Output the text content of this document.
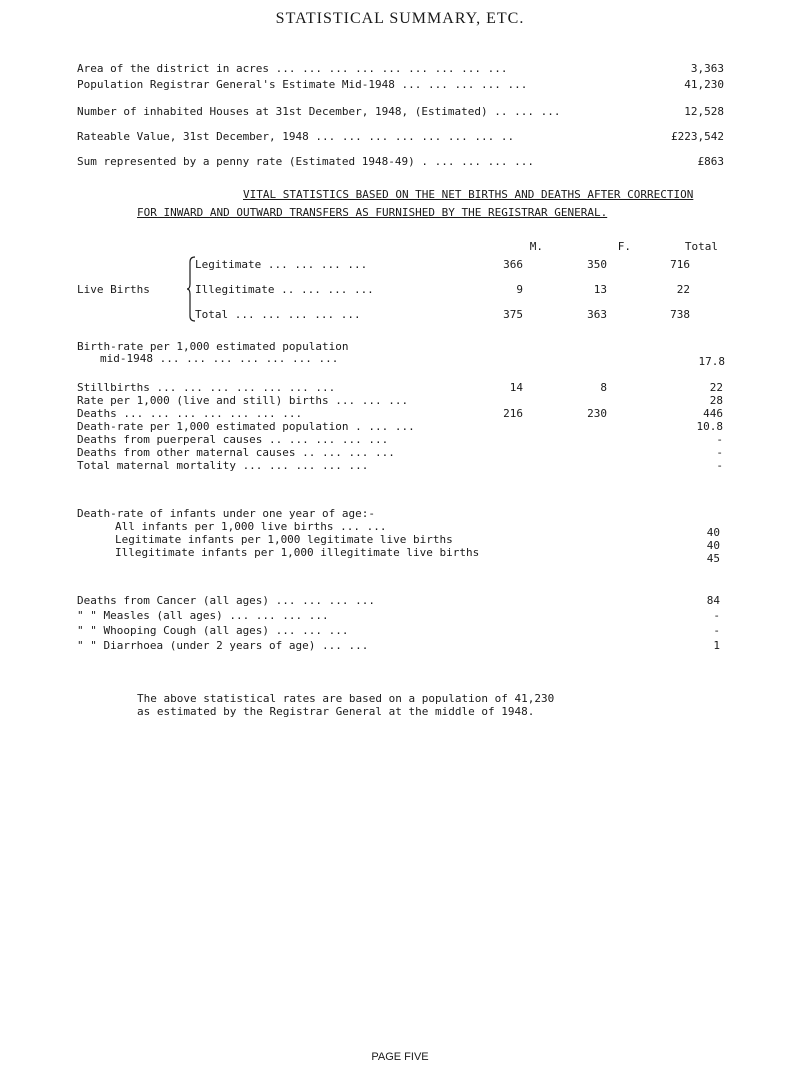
STATISTICAL SUMMARY, ETC.
Area of the district in acres ... ... ... ... ... ... ... ... ...	3,363
Population Registrar General's Estimate Mid-1948 ... ... ... ... ...	41,230
Number of inhabited Houses at 31st December, 1948, (Estimated) .. ... ...	12,528
Rateable Value, 31st December, 1948 ... ... ... ... ... ... ... ..	£223,542
Sum represented by a penny rate (Estimated 1948-49) . ... ... ... ...	£863
VITAL STATISTICS BASED ON THE NET BIRTHS AND DEATHS AFTER CORRECTION
FOR INWARD AND OUTWARD TRANSFERS AS FURNISHED BY THE REGISTRAR GENERAL.
M.	F.	Total
Live Births
Legitimate ... ... ... ...	366	350	716
Illegitimate .. ... ... ...	9	13	22
Total ... ... ... ... ...	375	363	738
Birth-rate per 1,000 estimated population
mid-1948 ... ... ... ... ... ... ...	17.8
Stillbirths ... ... ... ... ... ... ...	14	8	22
Rate per 1,000 (live and still) births ... ... ...	28
Deaths ... ... ... ... ... ... ...	216	230	446
Death-rate per 1,000 estimated population . ... ...	10.8
Deaths from puerperal causes .. ... ... ... ...	-
Deaths from other maternal causes .. ... ... ...	-
Total maternal mortality ... ... ... ... ...	-
Death-rate of infants under one year of age:-
All infants per 1,000 live births ... ...	40
Legitimate infants per 1,000 legitimate live births	40
Illegitimate infants per 1,000 illegitimate live births	45
Deaths from Cancer (all ages) ... ... ... ...	84
" " Measles (all ages) ... ... ... ...	-
" " Whooping Cough (all ages) ... ... ...	-
" " Diarrhoea (under 2 years of age) ... ...	1
The above statistical rates are based on a population of 41,230
as estimated by the Registrar General at the middle of 1948.
PAGE FIVE
